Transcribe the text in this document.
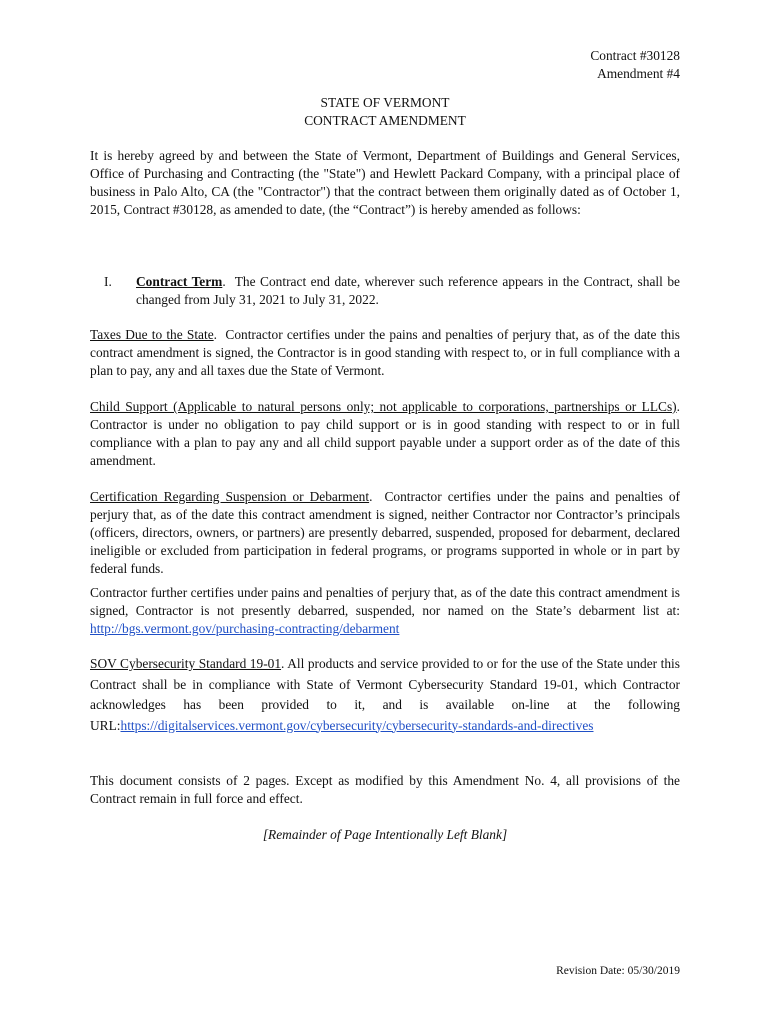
Contract #30128
Amendment #4
STATE OF VERMONT
CONTRACT AMENDMENT

It is hereby agreed by and between the State of Vermont, Department of Buildings and General Services, Office of Purchasing and Contracting (the "State") and Hewlett Packard Company, with a principal place of business in Palo Alto, CA (the "Contractor") that the contract between them originally dated as of October 1, 2015, Contract #30128, as amended to date, (the “Contract”) is hereby amended as follows:

I. Contract Term. The Contract end date, wherever such reference appears in the Contract, shall be changed from July 31, 2021 to July 31, 2022.
Taxes Due to the State. Contractor certifies under the pains and penalties of perjury that, as of the date this contract amendment is signed, the Contractor is in good standing with respect to, or in full compliance with a plan to pay, any and all taxes due the State of Vermont.
Child Support (Applicable to natural persons only; not applicable to corporations, partnerships or LLCs). Contractor is under no obligation to pay child support or is in good standing with respect to or in full compliance with a plan to pay any and all child support payable under a support order as of the date of this amendment.
Certification Regarding Suspension or Debarment. Contractor certifies under the pains and penalties of perjury that, as of the date this contract amendment is signed, neither Contractor nor Contractor’s principals (officers, directors, owners, or partners) are presently debarred, suspended, proposed for debarment, declared ineligible or excluded from participation in federal programs, or programs supported in whole or in part by federal funds.
Contractor further certifies under pains and penalties of perjury that, as of the date this contract amendment is signed, Contractor is not presently debarred, suspended, nor named on the State’s debarment list at: http://bgs.vermont.gov/purchasing-contracting/debarment
SOV Cybersecurity Standard 19-01. All products and service provided to or for the use of the State under this Contract shall be in compliance with State of Vermont Cybersecurity Standard 19-01, which Contractor acknowledges has been provided to it, and is available on-line at the following URL:https://digitalservices.vermont.gov/cybersecurity/cybersecurity-standards-and-directives

This document consists of 2 pages. Except as modified by this Amendment No. 4, all provisions of the Contract remain in full force and effect.

[Remainder of Page Intentionally Left Blank]
Revision Date: 05/30/2019
